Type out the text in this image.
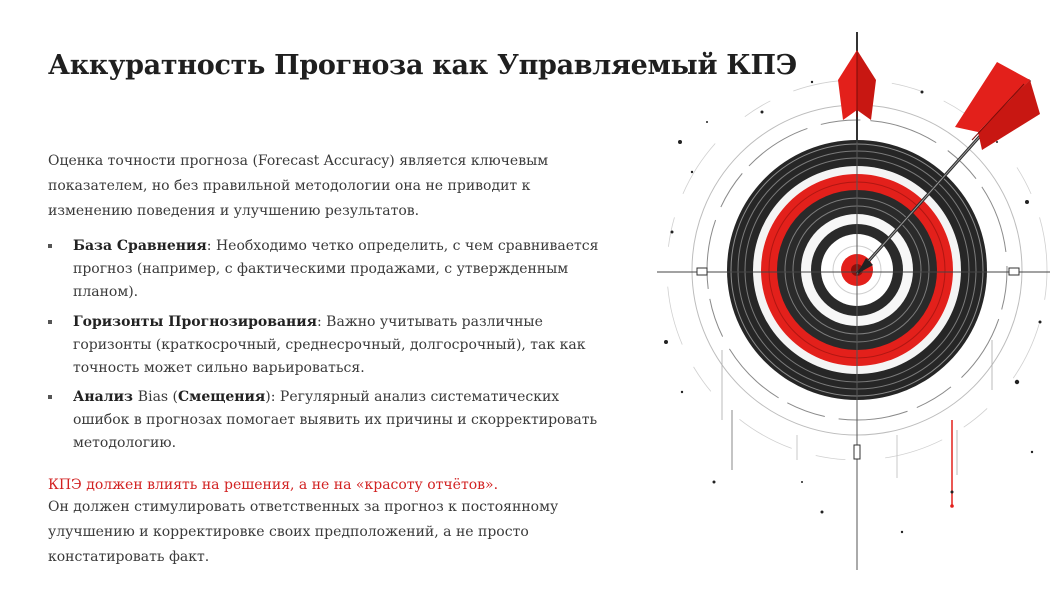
Аккуратность Прогноза как Управляемый КПЭ

Оценка точности прогноза (Forecast Accuracy) является ключевым показателем, но без правильной методологии она не приводит к изменению поведения и улучшению результатов.

База Сравнения: Необходимо четко определить, с чем сравнивается прогноз (например, с фактическими продажами, с утвержденным планом).
Горизонты Прогнозирования: Важно учитывать различные горизонты (краткосрочный, среднесрочный, долгосрочный), так как точность может сильно варьироваться.
Анализ Bias (Смещения): Регулярный анализ систематических ошибок в прогнозах помогает выявить их причины и скорректировать методологию.

КПЭ должен влиять на решения, а не на «красоту отчётов».

Он должен стимулировать ответственных за прогноз к постоянному улучшению и корректировке своих предположений, а не просто констатировать факт.
